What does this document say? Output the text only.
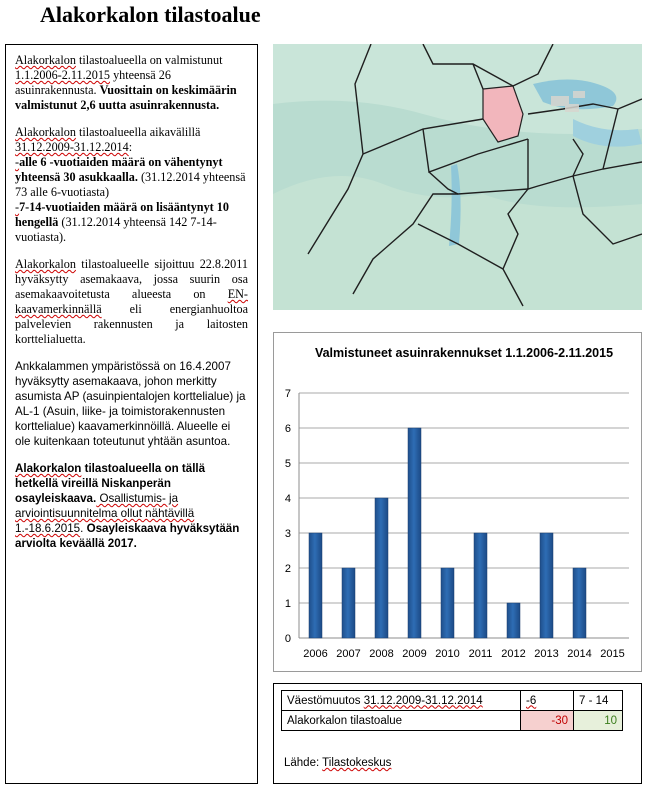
Alakorkalon tilastoalue

Alakorkalon tilastoalueella on valmistunut 1.1.2006-2.11.2015 yhteensä 26 asuinrakennusta. Vuosittain on keskimäärin valmistunut 2,6 uutta asuinrakennusta.

Alakorkalon tilastoalueella aikavälillä 31.12.2009-31.12.2014:
-alle 6 -vuotiaiden määrä on vähentynyt yhteensä 30 asukkaalla. (31.12.2014 yhteensä 73 alle 6-vuotiasta)
-7-14-vuotiaiden määrä on lisääntynyt 10 hengellä (31.12.2014 yhteensä 142 7-14-vuotiasta).

Alakorkalon tilastoalueelle sijoittuu 22.8.2011 hyväksytty asemakaava, jossa suurin osa asemakaavoitetusta alueesta on EN-kaavamerkinnällä eli energianhuoltoa palvelevien rakennusten ja laitosten korttelialuetta.

Ankkalammen ympäristössä on 16.4.2007 hyväksytty asemakaava, johon merkitty asumista AP (asuinpientalojen korttelialue) ja AL-1 (Asuin, liike- ja toimistorakennusten korttelialue) kaavamerkinnöillä. Alueelle ei ole kuitenkaan toteutunut yhtään asuntoa.

Alakorkalon tilastoalueella on tällä hetkellä vireillä Niskanperän osayleiskaava. Osallistumis- ja arviointisuunnitelma ollut nähtävillä 1.-18.6.2015. Osayleiskaava hyväksytään arviolta keväällä 2017.

Valmistuneet asuinrakennukset 1.1.2006-2.11.2015
0
1
2
3
4
5
6
7
2006 2007 2008 2009 2010 2011 2012 2013 2014 2015
Väestömuutos 31.12.2009-31.12.2014	-6	7 - 14
Alakorkalon tilastoalue	-30	10
Lähde: Tilastokeskus
